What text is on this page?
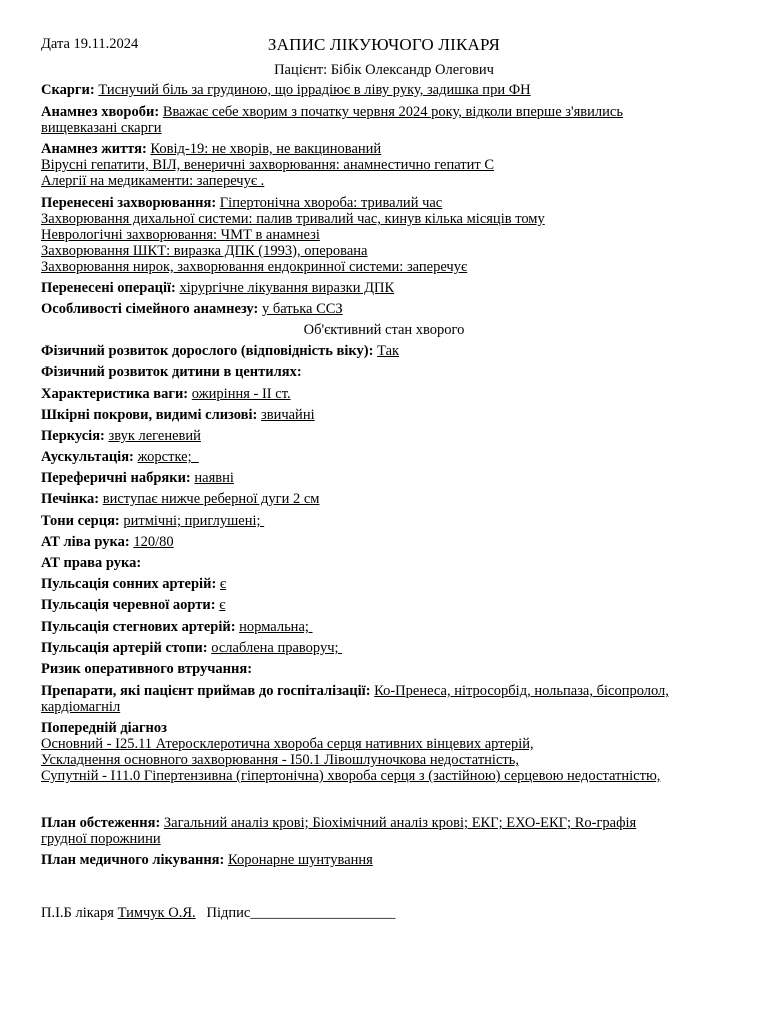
Дата 19.11.2024	ЗАПИС ЛІКУЮЧОГО ЛІКАРЯ
Пацієнт: Бібік Олександр Олегович
Скарги: Тиснучий біль за грудиною, що іррадіює в ліву руку, задишка при ФН
Анамнез хвороби: Вважає себе хворим з початку червня 2024 року, відколи вперше з'явились
вищевказані скарги
Анамнез життя: Ковід-19: не хворів, не вакцинований
Вірусні гепатити, ВІЛ, венеричні захворювання: анамнестично гепатит С
Алергії на медикаменти: заперечує .
Перенесені захворювання: Гіпертонічна хвороба: тривалий час
Захворювання дихальної системи: палив тривалий час, кинув кілька місяців тому
Неврологічні захворювання: ЧМТ в анамнезі
Захворювання ШКТ: виразка ДПК (1993), оперована
Захворювання нирок, захворювання ендокринної системи: заперечує
Перенесені операції: хірургічне лікування виразки ДПК
Особливості сімейного анамнезу: у батька ССЗ
Об'єктивний стан хворого
Фізичний розвиток дорослого (відповідність віку): Так
Фізичний розвиток дитини в центилях:
Характеристика ваги: ожиріння - ІІ ст.
Шкірні покрови, видимі слизові: звичайні
Перкусія: звук легеневий
Аускультація: жорстке;
Переферичні набряки: наявні
Печінка: виступає нижче реберної дуги 2 см
Тони серця: ритмічні; приглушені;
АТ ліва рука: 120/80
АТ права рука:
Пульсація сонних артерій: є
Пульсація черевної аорти: є
Пульсація стегнових артерій: нормальна;
Пульсація артерій стопи: ослаблена праворуч;
Ризик оперативного втручання:
Препарати, які пацієнт приймав до госпіталізації: Ко-Пренеса, нітросорбід, нольпаза, бісопролол,
кардіомагніл
Попередній діагноз
Основний - I25.11 Атеросклеротична хвороба серця нативних вінцевих артерій,
Ускладнення основного захворювання - I50.1 Лівошлуночкова недостатність,
Супутній - I11.0 Гіпертензивна (гіпертонічна) хвороба серця з (застійною) серцевою недостатністю,
План обстеження: Загальний аналіз крові; Біохімічний аналіз крові; ЕКГ; ЕХО-ЕКГ; Ro-графія
грудної порожнини
План медичного лікування: Коронарне шунтування
П.І.Б лікаря Тимчук О.Я. Підпис____________________
